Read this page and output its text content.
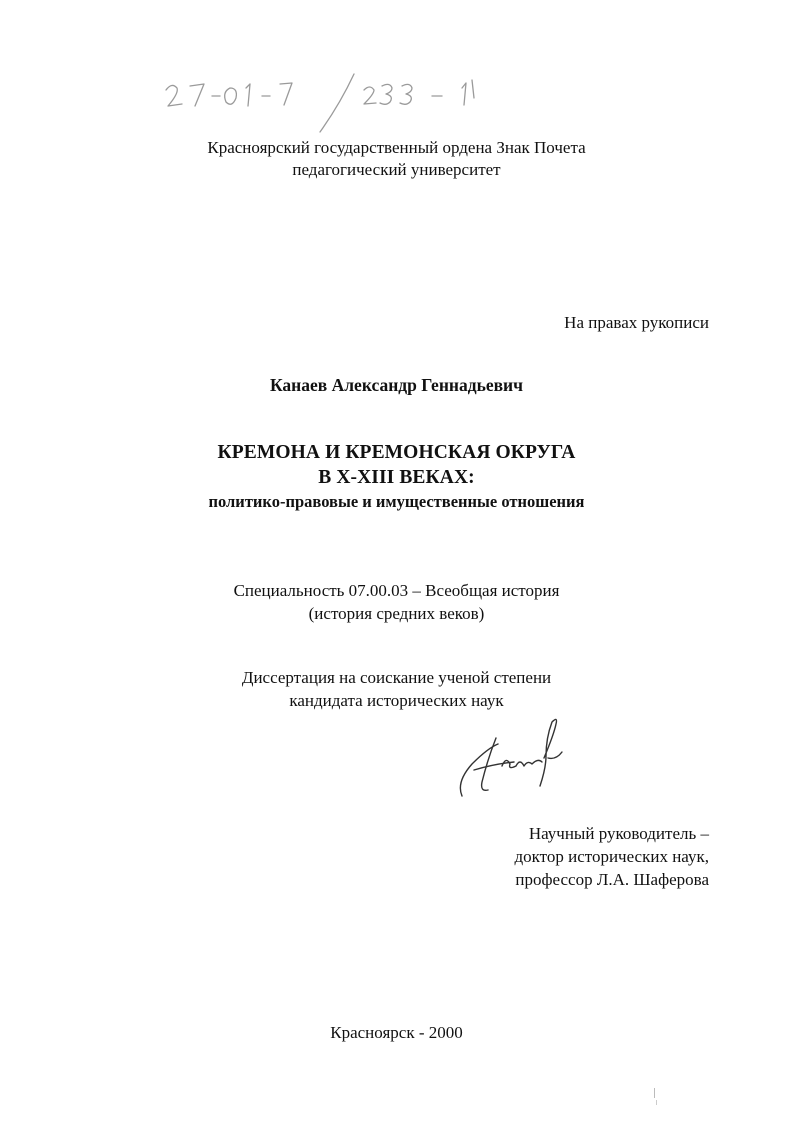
Красноярский государственный ордена Знак Почета
педагогический университет
На правах рукописи
Канаев Александр Геннадьевич
КРЕМОНА И КРЕМОНСКАЯ ОКРУГА
В X-XIII ВЕКАХ:
политико-правовые и имущественные отношения
Специальность 07.00.03 – Всеобщая история
(история средних веков)
Диссертация на соискание ученой степени
кандидата исторических наук
Научный руководитель –
доктор исторических наук,
профессор Л.А. Шаферова
Красноярск - 2000
